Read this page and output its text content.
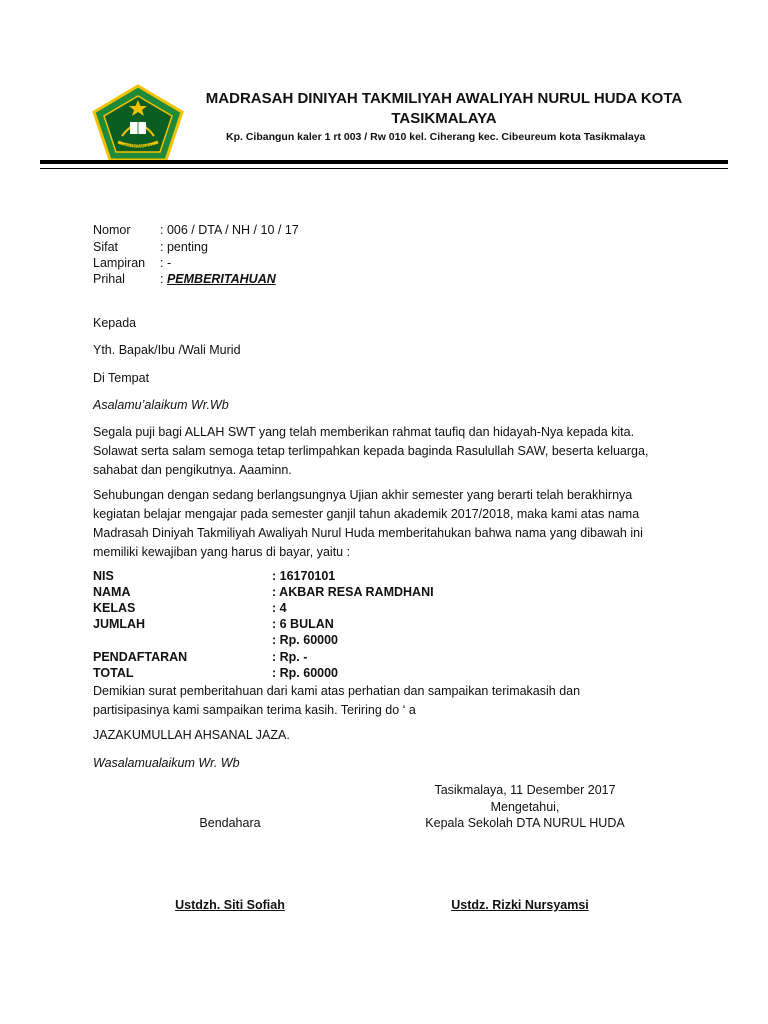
KEMENTERIAN AGAMA
MADRASAH DINIYAH TAKMILIYAH AWALIYAH NURUL HUDA KOTA
TASIKMALAYA
Kp. Cibangun kaler 1 rt 003 / Rw 010 kel. Ciherang kec. Cibeureum kota Tasikmalaya
Nomor : 006 / DTA / NH / 10 / 17
Sifat	: penting
Lampiran : -
Prihal	: PEMBERITAHUAN
Kepada
Yth. Bapak/Ibu /Wali Murid
Di Tempat
Asalamu’alaikum Wr.Wb
Segala puji bagi ALLAH SWT yang telah memberikan rahmat taufiq dan hidayah-Nya kepada kita. Solawat serta salam semoga tetap terlimpahkan kepada baginda Rasulullah SAW, beserta keluarga, sahabat dan pengikutnya. Aaaminn.
Sehubungan dengan sedang berlangsungnya Ujian akhir semester yang berarti telah berakhirnya kegiatan belajar mengajar pada semester ganjil tahun akademik 2017/2018, maka kami atas nama Madrasah Diniyah Takmiliyah Awaliyah Nurul Huda memberitahukan bahwa nama yang dibawah ini memiliki kewajiban yang harus di bayar, yaitu :
NIS	: 16170101
NAMA	: AKBAR RESA RAMDHANI
KELAS	: 4
JUMLAH	: 6 BULAN
: Rp. 60000
PENDAFTARAN	: Rp. -
TOTAL	: Rp. 60000
Demikian surat pemberitahuan dari kami atas perhatian dan sampaikan terimakasih dan partisipasinya kami sampaikan terima kasih. Teriring do ‘ a
JAZAKUMULLAH AHSANAL JAZA.
Wasalamualaikum Wr. Wb
Tasikmalaya, 11 Desember 2017
Mengetahui,
Bendahara	Kepala Sekolah DTA NURUL HUDA
Ustdzh. Siti Sofiah	Ustdz. Rizki Nursyamsi
